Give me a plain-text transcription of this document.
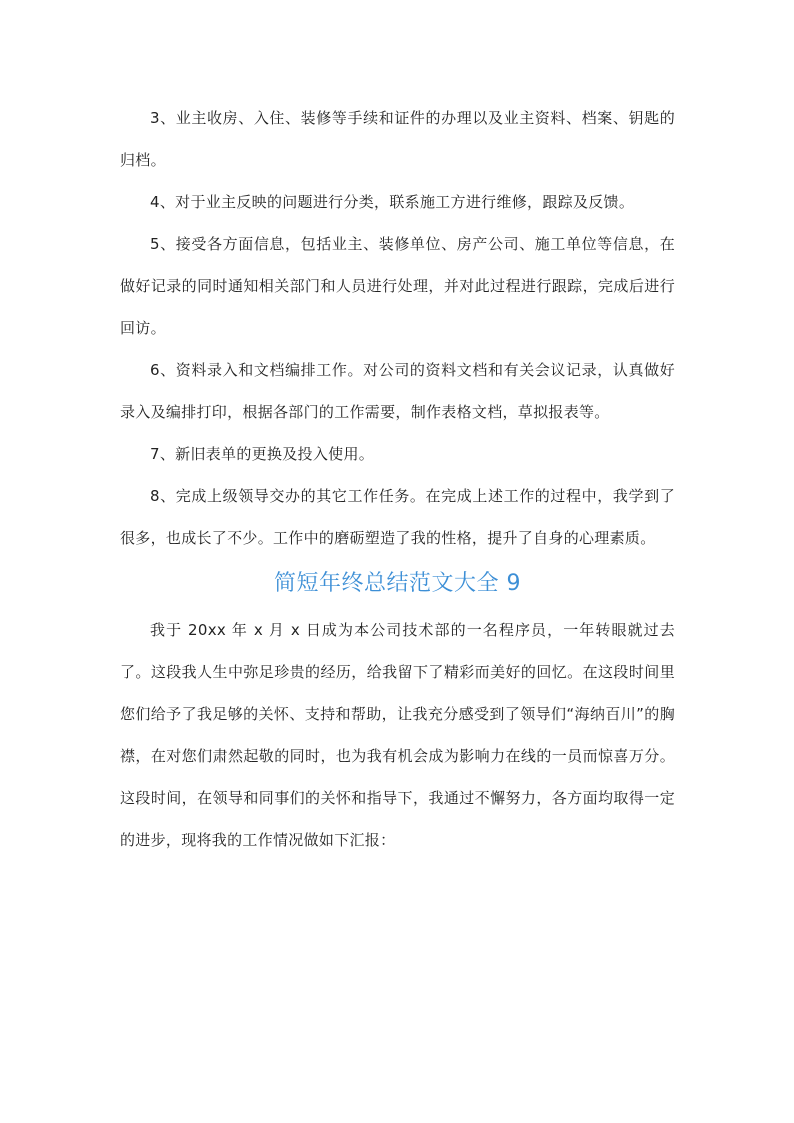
3、业主收房、入住、装修等手续和证件的办理以及业主资料、档案、钥匙的归档。

4、对于业主反映的问题进行分类，联系施工方进行维修，跟踪及反馈。

5、接受各方面信息，包括业主、装修单位、房产公司、施工单位等信息，在做好记录的同时通知相关部门和人员进行处理，并对此过程进行跟踪，完成后进行回访。

6、资料录入和文档编排工作。对公司的资料文档和有关会议记录，认真做好录入及编排打印，根据各部门的工作需要，制作表格文档，草拟报表等。

7、新旧表单的更换及投入使用。

8、完成上级领导交办的其它工作任务。在完成上述工作的过程中，我学到了很多，也成长了不少。工作中的磨砺塑造了我的性格，提升了自身的心理素质。

简短年终总结范文大全 9

我于 20xx 年 x 月 x 日成为本公司技术部的一名程序员，一年转眼就过去了。这段我人生中弥足珍贵的经历，给我留下了精彩而美好的回忆。在这段时间里您们给予了我足够的关怀、支持和帮助，让我充分感受到了领导们“海纳百川”的胸襟，在对您们肃然起敬的同时，也为我有机会成为影响力在线的一员而惊喜万分。这段时间，在领导和同事们的关怀和指导下，我通过不懈努力，各方面均取得一定的进步，现将我的工作情况做如下汇报：
